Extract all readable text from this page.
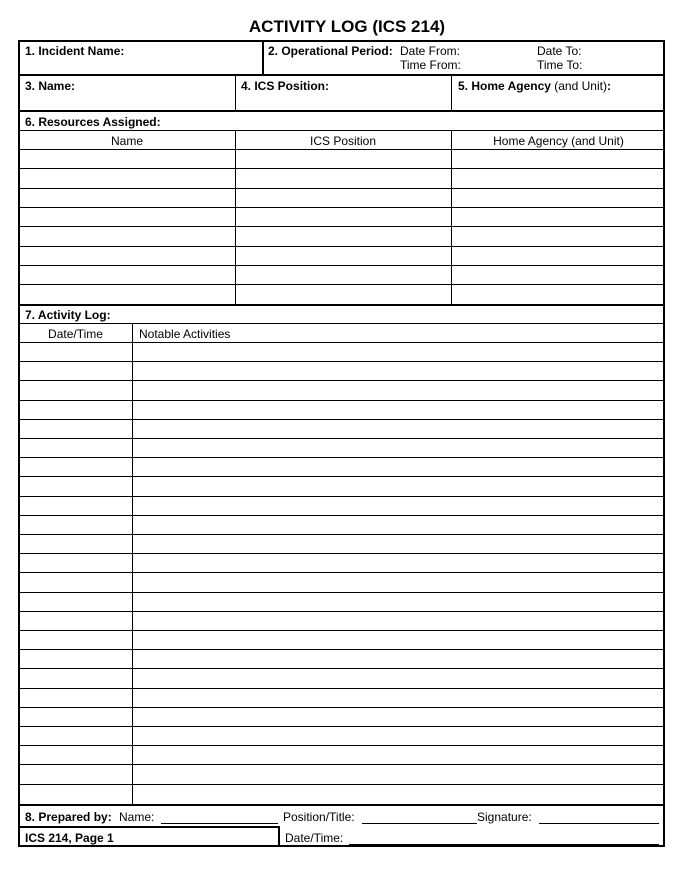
ACTIVITY LOG (ICS 214)
1. Incident Name:	2. Operational Period: Date From:	Date To:
Time From:	Time To:
3. Name:	4. ICS Position:	5. Home Agency (and Unit):
6. Resources Assigned:
Name	ICS Position	Home Agency (and Unit)
7. Activity Log:
Date/Time	Notable Activities
8. Prepared by: Name:	Position/Title:	Signature:
ICS 214, Page 1	Date/Time:
